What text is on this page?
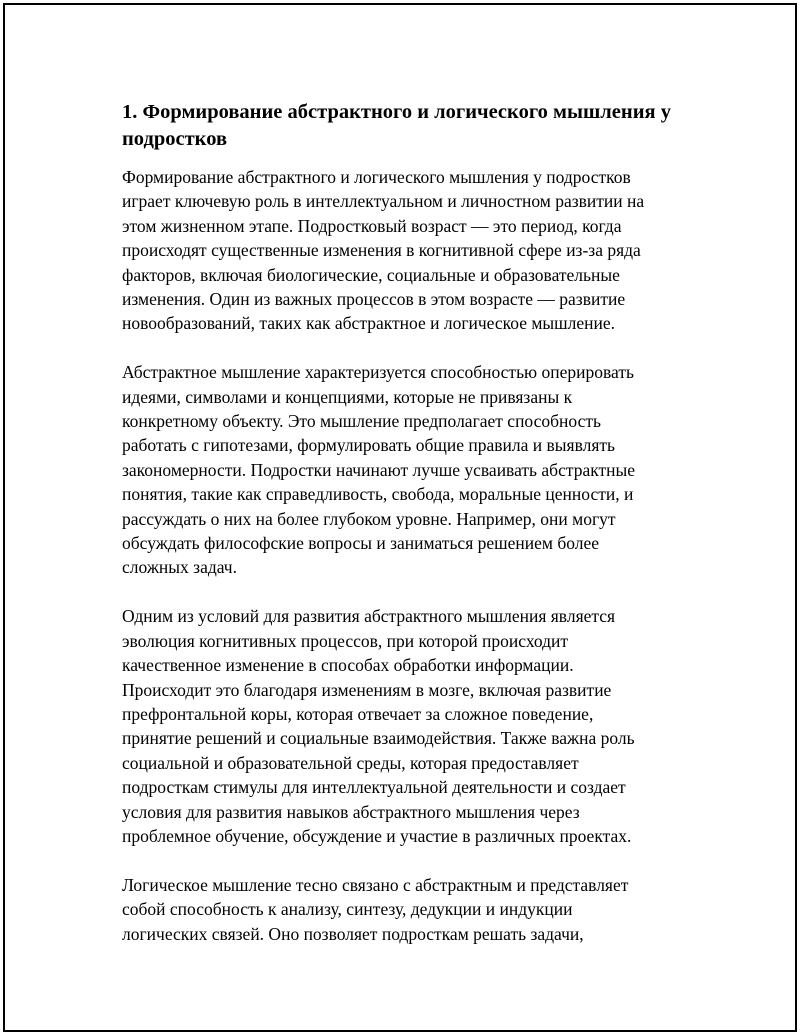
1. Формирование абстрактного и логического мышления у
подростков

Формирование абстрактного и логического мышления у подростков
играет ключевую роль в интеллектуальном и личностном развитии на
этом жизненном этапе. Подростковый возраст — это период, когда
происходят существенные изменения в когнитивной сфере из-за ряда
факторов, включая биологические, социальные и образовательные
изменения. Один из важных процессов в этом возрасте — развитие
новообразований, таких как абстрактное и логическое мышление.

Абстрактное мышление характеризуется способностью оперировать
идеями, символами и концепциями, которые не привязаны к
конкретному объекту. Это мышление предполагает способность
работать с гипотезами, формулировать общие правила и выявлять
закономерности. Подростки начинают лучше усваивать абстрактные
понятия, такие как справедливость, свобода, моральные ценности, и
рассуждать о них на более глубоком уровне. Например, они могут
обсуждать философские вопросы и заниматься решением более
сложных задач.

Одним из условий для развития абстрактного мышления является
эволюция когнитивных процессов, при которой происходит
качественное изменение в способах обработки информации.
Происходит это благодаря изменениям в мозге, включая развитие
префронтальной коры, которая отвечает за сложное поведение,
принятие решений и социальные взаимодействия. Также важна роль
социальной и образовательной среды, которая предоставляет
подросткам стимулы для интеллектуальной деятельности и создает
условия для развития навыков абстрактного мышления через
проблемное обучение, обсуждение и участие в различных проектах.

Логическое мышление тесно связано с абстрактным и представляет
собой способность к анализу, синтезу, дедукции и индукции
логических связей. Оно позволяет подросткам решать задачи,
